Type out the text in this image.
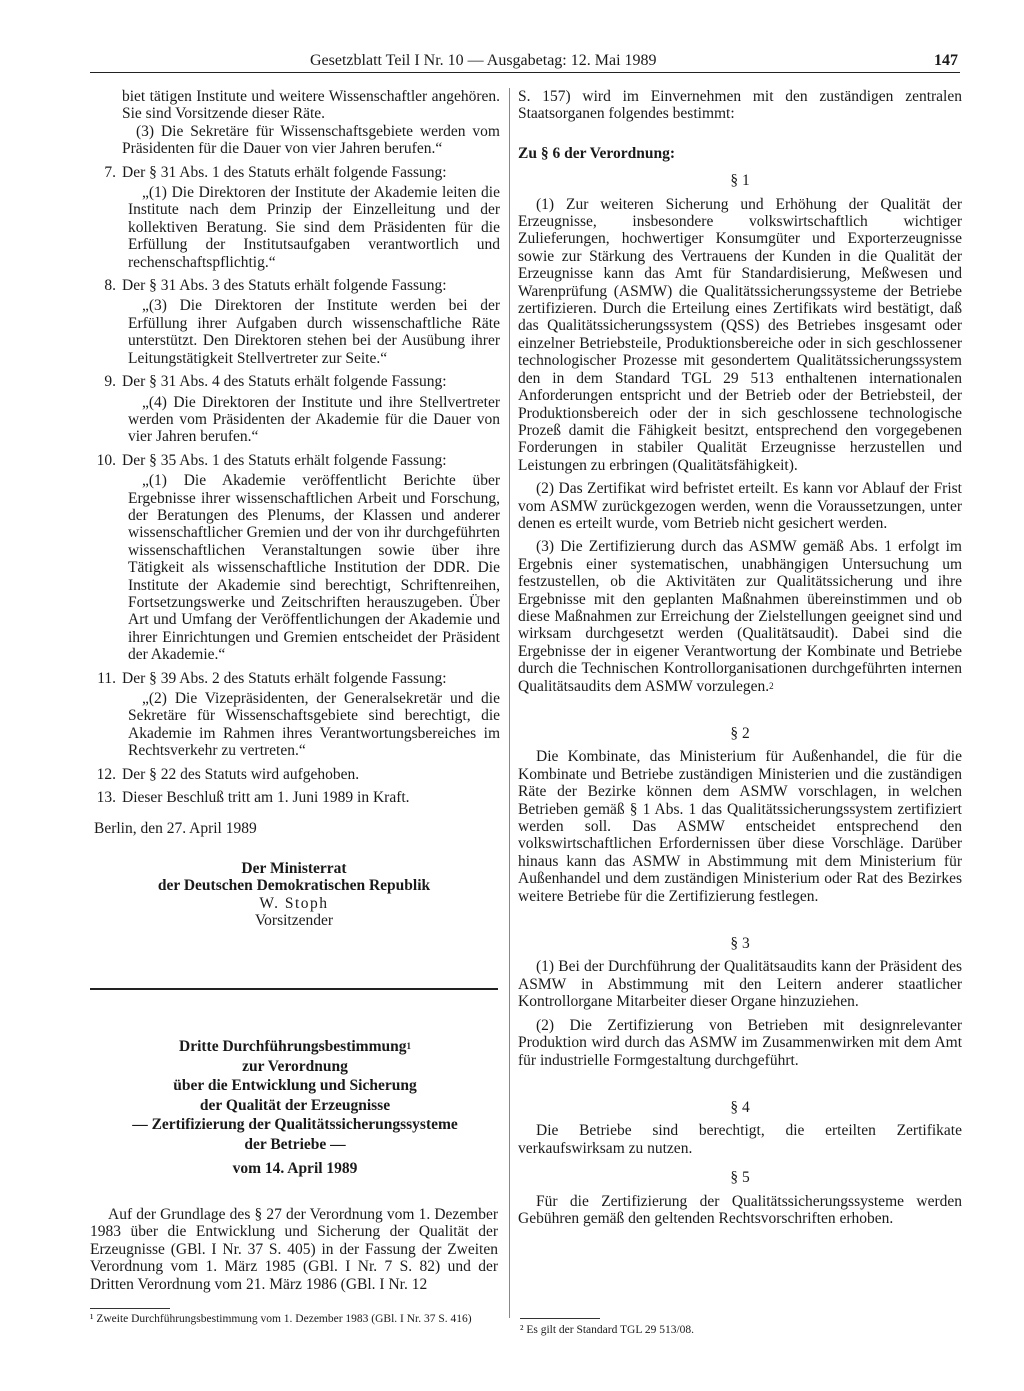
Gesetzblatt Teil I Nr. 10 — Ausgabetag: 12. Mai 1989	147

biet tätigen Institute und weitere Wissenschaftler angehören. Sie sind Vorsitzende dieser Räte.

(3) Die Sekretäre für Wissenschaftsgebiete werden vom Präsidenten für die Dauer von vier Jahren berufen.“

7. Der § 31 Abs. 1 des Statuts erhält folgende Fassung:

„(1) Die Direktoren der Institute der Akademie leiten die Institute nach dem Prinzip der Einzelleitung und der kollektiven Beratung. Sie sind dem Präsidenten für die Erfüllung der Institutsaufgaben verantwortlich und rechenschaftspflichtig.“

8. Der § 31 Abs. 3 des Statuts erhält folgende Fassung:

„(3) Die Direktoren der Institute werden bei der Erfüllung ihrer Aufgaben durch wissenschaftliche Räte unterstützt. Den Direktoren stehen bei der Ausübung ihrer Leitungstätigkeit Stellvertreter zur Seite.“

9. Der § 31 Abs. 4 des Statuts erhält folgende Fassung:

„(4) Die Direktoren der Institute und ihre Stellvertreter werden vom Präsidenten der Akademie für die Dauer von vier Jahren berufen.“

10. Der § 35 Abs. 1 des Statuts erhält folgende Fassung:

„(1) Die Akademie veröffentlicht Berichte über Ergebnisse ihrer wissenschaftlichen Arbeit und Forschung, der Beratungen des Plenums, der Klassen und anderer wissenschaftlicher Gremien und der von ihr durchgeführten wissenschaftlichen Veranstaltungen sowie über ihre Tätigkeit als wissenschaftliche Institution der DDR. Die Institute der Akademie sind berechtigt, Schriftenreihen, Fortsetzungswerke und Zeitschriften herauszugeben. Über Art und Umfang der Veröffentlichungen der Akademie und ihrer Einrichtungen und Gremien entscheidet der Präsident der Akademie.“

11. Der § 39 Abs. 2 des Statuts erhält folgende Fassung:

„(2) Die Vizepräsidenten, der Generalsekretär und die Sekretäre für Wissenschaftsgebiete sind berechtigt, die Akademie im Rahmen ihres Verantwortungsbereiches im Rechtsverkehr zu vertreten.“

12. Der § 22 des Statuts wird aufgehoben.

13. Dieser Beschluß tritt am 1. Juni 1989 in Kraft.

Berlin, den 27. April 1989

Der Ministerrat

der Deutschen Demokratischen Republik

W. Stoph

Vorsitzender

Dritte Durchführungsbestimmung$^1$

zur Verordnung

über die Entwicklung und Sicherung

der Qualität der Erzeugnisse

— Zertifizierung der Qualitätssicherungssysteme

der Betriebe —

vom 14. April 1989

Auf der Grundlage des § 27 der Verordnung vom 1. Dezember 1983 über die Entwicklung und Sicherung der Qualität der Erzeugnisse (GBl. I Nr. 37 S. 405) in der Fassung der Zweiten Verordnung vom 1. März 1985 (GBl. I Nr. 7 S. 82) und der Dritten Verordnung vom 21. März 1986 (GBl. I Nr. 12

¹ Zweite Durchführungsbestimmung vom 1. Dezember 1983 (GBl. I Nr. 37 S. 416)

S. 157) wird im Einvernehmen mit den zuständigen zentralen Staatsorganen folgendes bestimmt:

Zu § 6 der Verordnung:

§ 1

(1) Zur weiteren Sicherung und Erhöhung der Qualität der Erzeugnisse, insbesondere volkswirtschaftlich wichtiger Zulieferungen, hochwertiger Konsumgüter und Exporterzeugnisse sowie zur Stärkung des Vertrauens der Kunden in die Qualität der Erzeugnisse kann das Amt für Standardisierung, Meßwesen und Warenprüfung (ASMW) die Qualitätssicherungssysteme der Betriebe zertifizieren. Durch die Erteilung eines Zertifikats wird bestätigt, daß das Qualitätssicherungssystem (QSS) des Betriebes insgesamt oder einzelner Betriebsteile, Produktionsbereiche oder in sich geschlossener technologischer Prozesse mit gesondertem Qualitätssicherungssystem den in dem Standard TGL 29 513 enthaltenen internationalen Anforderungen entspricht und der Betrieb oder der Betriebsteil, der Produktionsbereich oder der in sich geschlossene technologische Prozeß damit die Fähigkeit besitzt, entsprechend den vorgegebenen Forderungen in stabiler Qualität Erzeugnisse herzustellen und Leistungen zu erbringen (Qualitätsfähigkeit).

(2) Das Zertifikat wird befristet erteilt. Es kann vor Ablauf der Frist vom ASMW zurückgezogen werden, wenn die Voraussetzungen, unter denen es erteilt wurde, vom Betrieb nicht gesichert werden.

(3) Die Zertifizierung durch das ASMW gemäß Abs. 1 erfolgt im Ergebnis einer systematischen, unabhängigen Untersuchung um festzustellen, ob die Aktivitäten zur Qualitätssicherung und ihre Ergebnisse mit den geplanten Maßnahmen übereinstimmen und ob diese Maßnahmen zur Erreichung der Zielstellungen geeignet sind und wirksam durchgesetzt werden (Qualitätsaudit). Dabei sind die Ergebnisse der in eigener Verantwortung der Kombinate und Betriebe durch die Technischen Kontrollorganisationen durchgeführten internen Qualitätsaudits dem ASMW vorzulegen.$^2$

§ 2

Die Kombinate, das Ministerium für Außenhandel, die für die Kombinate und Betriebe zuständigen Ministerien und die zuständigen Räte der Bezirke können dem ASMW vorschlagen, in welchen Betrieben gemäß § 1 Abs. 1 das Qualitätssicherungssystem zertifiziert werden soll. Das ASMW entscheidet entsprechend den volkswirtschaftlichen Erfordernissen über diese Vorschläge. Darüber hinaus kann das ASMW in Abstimmung mit dem Ministerium für Außenhandel und dem zuständigen Ministerium oder Rat des Bezirkes weitere Betriebe für die Zertifizierung festlegen.

§ 3

(1) Bei der Durchführung der Qualitätsaudits kann der Präsident des ASMW in Abstimmung mit den Leitern anderer staatlicher Kontrollorgane Mitarbeiter dieser Organe hinzuziehen.

(2) Die Zertifizierung von Betrieben mit designrelevanter Produktion wird durch das ASMW im Zusammenwirken mit dem Amt für industrielle Formgestaltung durchgeführt.

§ 4

Die Betriebe sind berechtigt, die erteilten Zertifikate verkaufswirksam zu nutzen.

§ 5

Für die Zertifizierung der Qualitätssicherungssysteme werden Gebühren gemäß den geltenden Rechtsvorschriften erhoben.

² Es gilt der Standard TGL 29 513/08.
